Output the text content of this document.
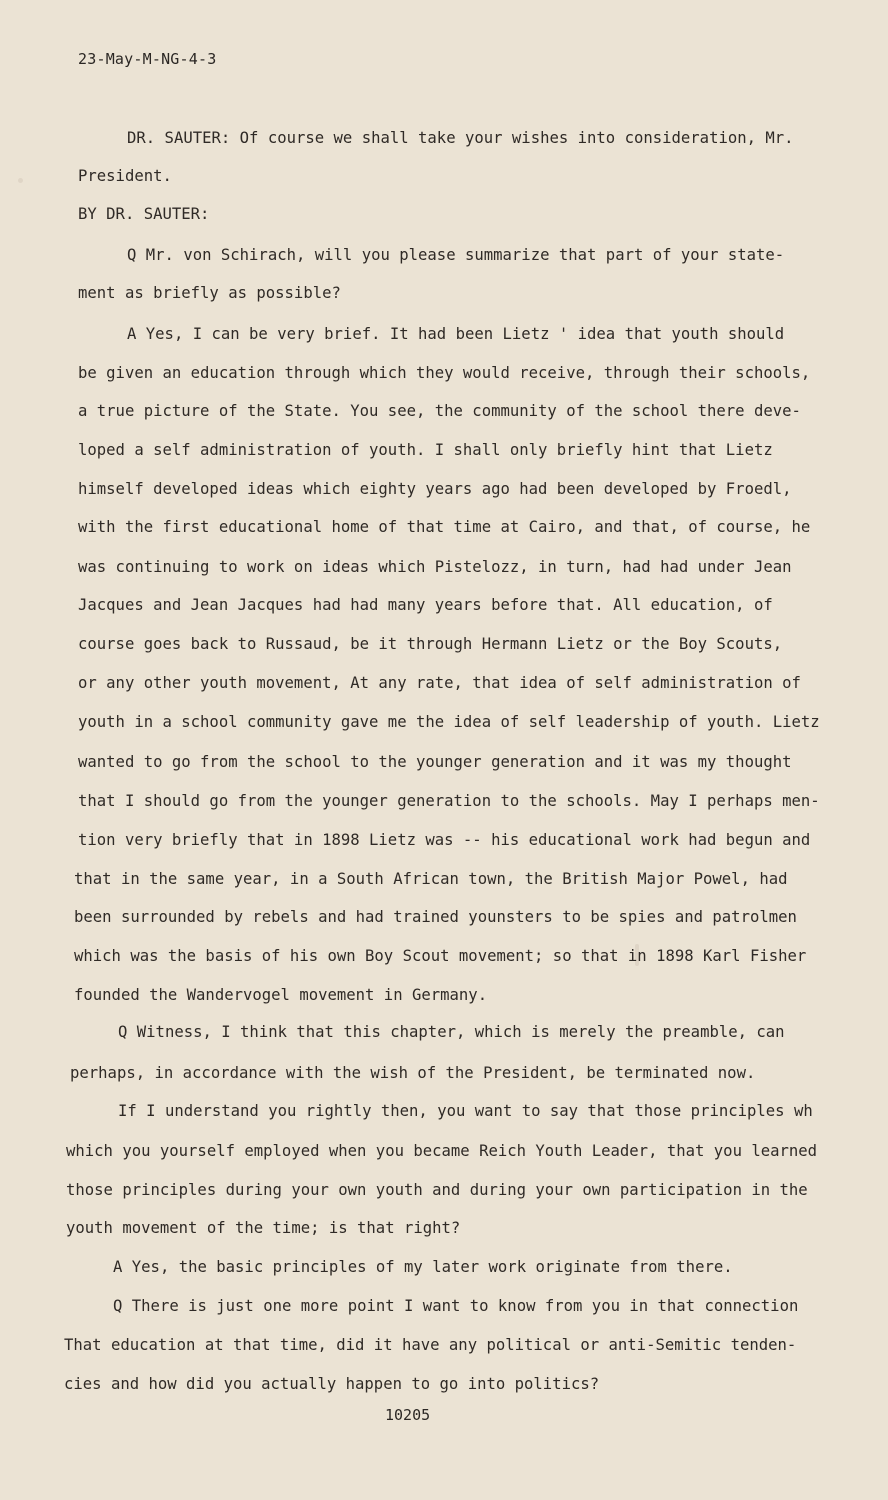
23-May-M-NG-4-3
DR. SAUTER: Of course we shall take your wishes into consideration, Mr.
President.
BY DR. SAUTER:
Q Mr. von Schirach, will you please summarize that part of your state-
ment as briefly as possible?
A Yes, I can be very brief. It had been Lietz ' idea that youth should
be given an education through which they would receive, through their schools,
a true picture of the State. You see, the community of the school there deve-
loped a self administration of youth. I shall only briefly hint that Lietz
himself developed ideas which eighty years ago had been developed by Froedl,
with the first educational home of that time at Cairo, and that, of course, he
was continuing to work on ideas which Pistelozz, in turn, had had under Jean
Jacques and Jean Jacques had had many years before that. All education, of
course goes back to Russaud, be it through Hermann Lietz or the Boy Scouts,
or any other youth movement, At any rate, that idea of self administration of
youth in a school community gave me the idea of self leadership of youth. Lietz
wanted to go from the school to the younger generation and it was my thought
that I should go from the younger generation to the schools. May I perhaps men-
tion very briefly that in 1898 Lietz was -- his educational work had begun and
that in the same year, in a South African town, the British Major Powel, had
been surrounded by rebels and had trained younsters to be spies and patrolmen
which was the basis of his own Boy Scout movement; so that in 1898 Karl Fisher
founded the Wandervogel movement in Germany.
Q Witness, I think that this chapter, which is merely the preamble, can
perhaps, in accordance with the wish of the President, be terminated now.
If I understand you rightly then, you want to say that those principles wh
which you yourself employed when you became Reich Youth Leader, that you learned
those principles during your own youth and during your own participation in the
youth movement of the time; is that right?
A Yes, the basic principles of my later work originate from there.
Q There is just one more point I want to know from you in that connection
That education at that time, did it have any political or anti-Semitic tenden-
cies and how did you actually happen to go into politics?
10205
